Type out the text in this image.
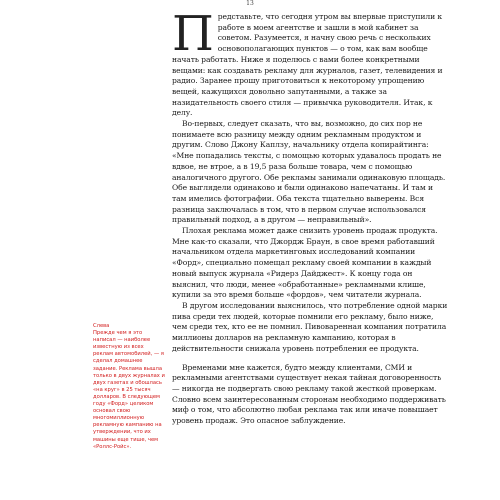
13

Представьте, что сегодня утром вы впервые приступили к работе в моем агентстве и зашли в мой кабинет за советом. Разумеется, я начну свою речь с нескольких основополагающих пунктов — о том, как вам вообще начать работать. Ниже я поделюсь с вами более конкретными вещами: как создавать рекламу для журналов, газет, телевидения и радио. Заранее прошу приготовиться к некоторому упрощению вещей, кажущихся довольно запутанными, а также за назидательность своего стиля — привычка руководителя. Итак, к делу.

Во-первых, следует сказать, что вы, возможно, до сих пор не понимаете всю разницу между одним рекламным продуктом и другим. Слово Джону Каплзу, начальнику отдела копирайтинга:

«Мне попадались тексты, с помощью которых удавалось продать не вдвое, не втрое, а в 19,5 раза больше товара, чем с помощью аналогичного другого. Обе рекламы занимали одинаковую площадь. Обе выглядели одинаково и были одинаково напечатаны. И там и там имелись фотографии. Оба текста тщательно выверены. Вся разница заключалась в том, что в первом случае использовался правильный подход, а в другом — неправильный».

Плохая реклама может даже снизить уровень продаж продукта. Мне как-то сказали, что Джордж Браун, в свое время работавший начальником отдела маркетинговых исследований компании «Форд», специально помещал рекламу своей компании в каждый новый выпуск журнала «Ридерз Дайджест». К концу года он выяснил, что люди, менее «обработанные» рекламными клише, купили за это время больше «фордов», чем читатели журнала.

В другом исследовании выяснилось, что потребление одной марки пива среди тех людей, которые помнили его рекламу, было ниже, чем среди тех, кто ее не помнил. Пивоваренная компания потратила миллионы долларов на рекламную кампанию, которая в действительности снижала уровень потребления ее продукта.

Временами мне кажется, будто между клиентами, СМИ и рекламными агентствами существует некая тайная договоренность — никогда не подвергать свою рекламу такой жесткой проверкам. Словно всем заинтересованным сторонам необходимо поддерживать миф о том, что абсолютно любая реклама так или иначе повышает уровень продаж. Это опасное заблуждение.

Слева
Прежде чем я это написал — наиболее известную из всех реклам автомобилей, — я сделал домашнее задание. Реклама вышла только в двух журналах и двух газетах и обошлась «на круг» в 25 тысяч долларов. В следующем году «Форд» целиком основал свою многомиллионную рекламную кампанию на утверждении, что их машины еще тише, чем «Роллс-Ройс».
